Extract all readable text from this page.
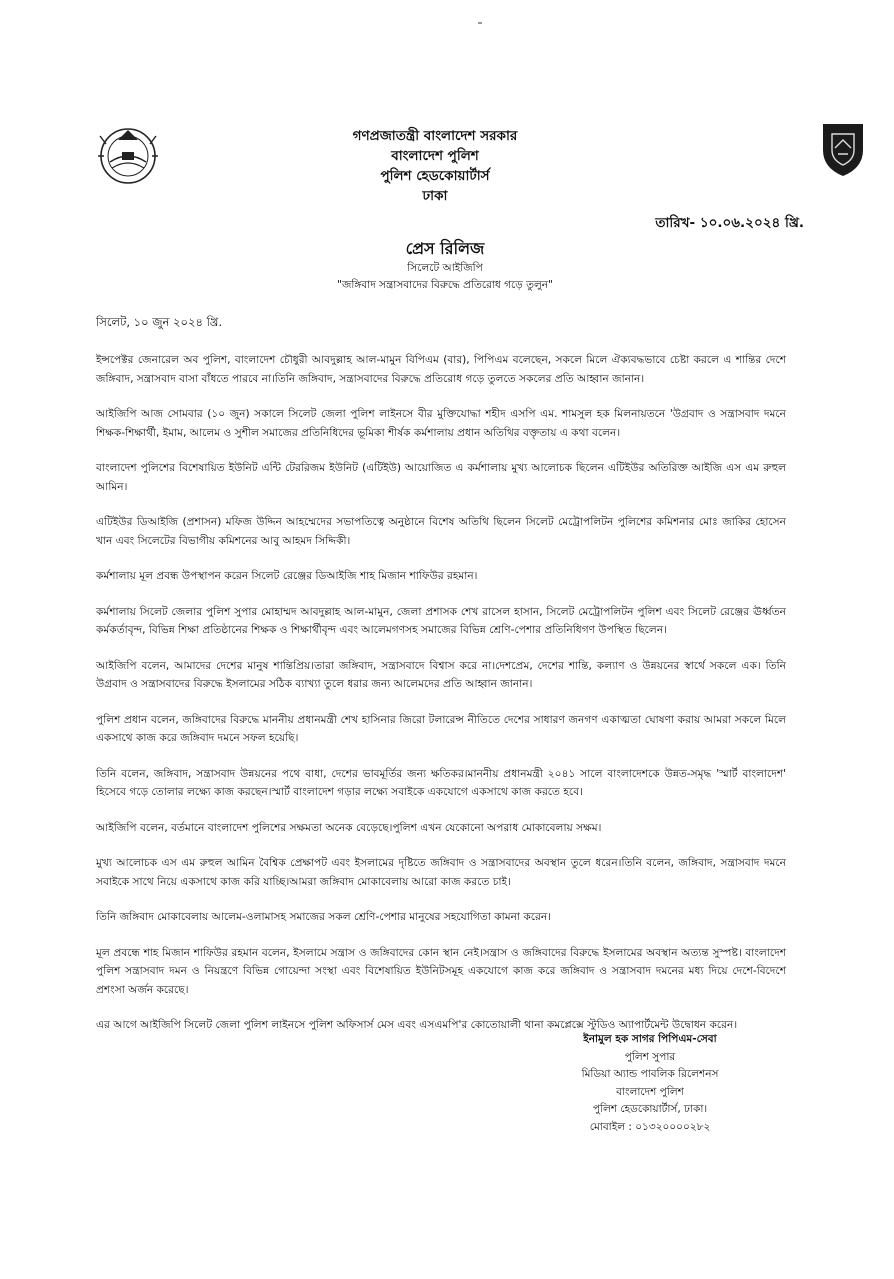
গণপ্রজাতন্ত্রী বাংলাদেশ সরকার
বাংলাদেশ পুলিশ
পুলিশ হেডকোয়ার্টার্স
ঢাকা
তারিখ- ১০.০৬.২০২৪ খ্রি.
প্রেস রিলিজ
সিলেটে আইজিপি
"জঙ্গিবাদ সন্ত্রাসবাদের বিরুদ্ধে প্রতিরোধ গড়ে তুলুন"
সিলেট, ১০ জুন ২০২৪ খ্রি.

ইন্সপেক্টর জেনারেল অব পুলিশ, বাংলাদেশ চৌধুরী আবদুল্লাহ আল-মামুন বিপিএম (বার), পিপিএম বলেছেন, সকলে মিলে ঐক্যবদ্ধভাবে চেষ্টা করলে এ শান্তির দেশে জঙ্গিবাদ, সন্ত্রাসবাদ বাসা বাঁধতে পারবে না।তিনি জঙ্গিবাদ, সন্ত্রাসবাদের বিরুদ্ধে প্রতিরোধ গড়ে তুলতে সকলের প্রতি আহ্বান জানান।

আইজিপি আজ সোমবার (১০ জুন) সকালে সিলেট জেলা পুলিশ লাইনসে বীর মুক্তিযোদ্ধা শহীদ এসপি এম. শামসুল হক মিলনায়তনে 'উগ্রবাদ ও সন্ত্রাসবাদ দমনে শিক্ষক-শিক্ষার্থী, ইমাম, আলেম ও সুশীল সমাজের প্রতিনিধিদের ভূমিকা শীর্ষক কর্মশালায় প্রধান অতিথির বক্তৃতায় এ কথা বলেন।

বাংলাদেশ পুলিশের বিশেষায়িত ইউনিট এন্টি টেররিজম ইউনিট (এটিইউ) আয়োজিত এ কর্মশালায় মুখ্য আলোচক ছিলেন এটিইউর অতিরিক্ত আইজি এস এম রুহুল আমিন।

এটিইউর ডিআইজি (প্রশাসন) মফিজ উদ্দিন আহম্মেদের সভাপতিত্বে অনুষ্ঠানে বিশেষ অতিথি ছিলেন সিলেট মেট্রোপলিটন পুলিশের কমিশনার মোঃ জাকির হোসেন খান এবং সিলেটের বিভাগীয় কমিশনের আবু আহমদ সিদ্দিকী।

কর্মশালায় মূল প্রবন্ধ উপস্থাপন করেন সিলেট রেঞ্জের ডিআইজি শাহ মিজান শাফিউর রহমান।

কর্মশালায় সিলেট জেলার পুলিশ সুপার মোহাম্মদ আবদুল্লাহ আল-মামুন, জেলা প্রশাসক শেখ রাসেল হাসান, সিলেট মেট্রোপলিটন পুলিশ এবং সিলেট রেঞ্জের ঊর্ধ্বতন কর্মকর্তাবৃন্দ, বিভিন্ন শিক্ষা প্রতিষ্ঠানের শিক্ষক ও শিক্ষার্থীবৃন্দ এবং আলেমগণসহ সমাজের বিভিন্ন শ্রেণি-পেশার প্রতিনিধিগণ উপস্থিত ছিলেন।

আইজিপি বলেন, আমাদের দেশের মানুষ শান্তিপ্রিয়।তারা জঙ্গিবাদ, সন্ত্রাসবাদে বিশ্বাস করে না।দেশপ্রেম, দেশের শান্তি, কল্যাণ ও উন্নয়নের স্বার্থে সকলে এক। তিনি উগ্রবাদ ও সন্ত্রাসবাদের বিরুদ্ধে ইসলামের সঠিক ব্যাখ্যা তুলে ধরার জন্য আলেমদের প্রতি আহ্বান জানান।

পুলিশ প্রধান বলেন, জঙ্গিবাদের বিরুদ্ধে মাননীয় প্রধানমন্ত্রী শেখ হাসিনার জিরো টলারেন্স নীতিতে দেশের সাধারণ জনগণ একাত্মতা ঘোষণা করায় আমরা সকলে মিলে একসাথে কাজ করে জঙ্গিবাদ দমনে সফল হয়েছি।

তিনি বলেন, জঙ্গিবাদ, সন্ত্রাসবাদ উন্নয়নের পথে বাধা, দেশের ভাবমূর্তির জন্য ক্ষতিকর।মাননীয় প্রধানমন্ত্রী ২০৪১ সালে বাংলাদেশকে উন্নত-সমৃদ্ধ 'স্মার্ট বাংলাদেশ' হিসেবে গড়ে তোলার লক্ষ্যে কাজ করছেন।স্মার্ট বাংলাদেশ গড়ার লক্ষ্যে সবাইকে একযোগে একসাথে কাজ করতে হবে।

আইজিপি বলেন, বর্তমানে বাংলাদেশ পুলিশের সক্ষমতা অনেক বেড়েছে।পুলিশ এখন যেকোনো অপরাধ মোকাবেলায় সক্ষম।

মুখ্য আলোচক এস এম রুহুল আমিন বৈশ্বিক প্রেক্ষাপট এবং ইসলামের দৃষ্টিতে জঙ্গিবাদ ও সন্ত্রাসবাদের অবস্থান তুলে ধরেন।তিনি বলেন, জঙ্গিবাদ, সন্ত্রাসবাদ দমনে সবাইকে সাথে নিয়ে একসাথে কাজ করি যাচ্ছি।আমরা জঙ্গিবাদ মোকাবেলায় আরো কাজ করতে চাই।

তিনি জঙ্গিবাদ মোকাবেলায় আলেম-ওলামাসহ সমাজের সকল শ্রেণি-পেশার মানুষের সহযোগিতা কামনা করেন।

মূল প্রবন্ধে শাহ মিজান শাফিউর রহমান বলেন, ইসলামে সন্ত্রাস ও জঙ্গিবাদের কোন স্থান নেই।সন্ত্রাস ও জঙ্গিবাদের বিরুদ্ধে ইসলামের অবস্থান অত্যন্ত সুস্পষ্ট। বাংলাদেশ পুলিশ সন্ত্রাসবাদ দমন ও নিয়ন্ত্রণে বিভিন্ন গোয়েন্দা সংস্থা এবং বিশেষায়িত ইউনিটসমূহ একযোগে কাজ করে জঙ্গিবাদ ও সন্ত্রাসবাদ দমনের মধ্য দিয়ে দেশে-বিদেশে প্রশংসা অর্জন করেছে।

এর আগে আইজিপি সিলেট জেলা পুলিশ লাইনসে পুলিশ অফিসার্স মেস এবং এসএমপি'র কোতোয়ালী থানা কমপ্লেক্সে স্টুডিও অ্যাপার্টমেন্ট উদ্বোধন করেন।

ইনামুল হক সাগর পিপিএম-সেবা
পুলিশ সুপার
মিডিয়া অ্যান্ড পাবলিক রিলেশনস
বাংলাদেশ পুলিশ
পুলিশ হেডকোয়ার্টার্স, ঢাকা।
মোবাইল : ০১৩২০০০০২৮২
